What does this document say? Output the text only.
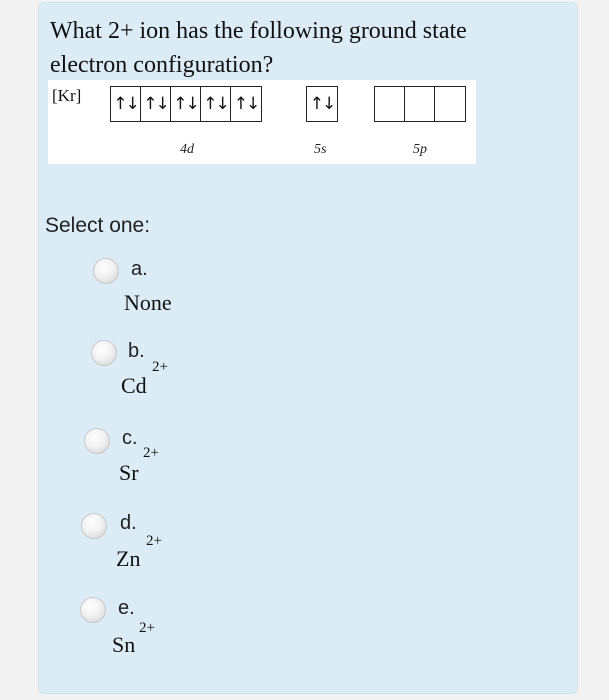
What 2+ ion has the following ground state electron configuration?
[Kr] ↑↓ ↑↓ ↑↓ ↑↓ ↑↓	↑↓
4d	5s	5p
Select one:
a.
None
b.
2+
Cd
c.
2+
Sr
d.
2+
Zn
e.
2+
Sn
